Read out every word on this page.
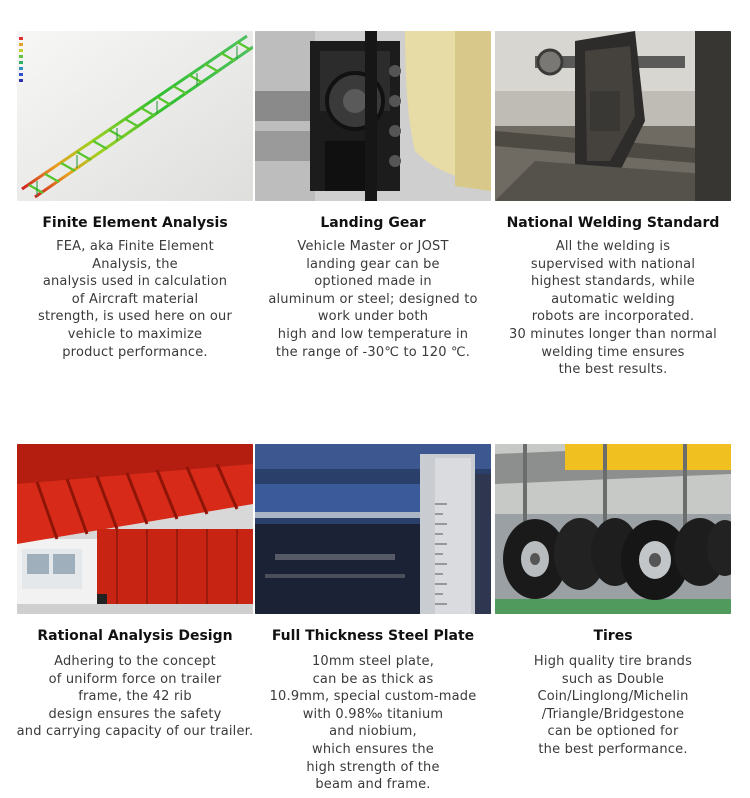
Finite Element Analysis
FEA, aka Finite Element
Analysis, the
analysis used in calculation
of Aircraft material
strength, is used here on our
vehicle to maximize
product performance.
Landing Gear
Vehicle Master or JOST
landing gear can be
optioned made in
aluminum or steel; designed to
work under both
high and low temperature in
the range of -30℃ to 120 ℃.
National Welding Standard
All the welding is
supervised with national
highest standards, while
automatic welding
robots are incorporated.
30 minutes longer than normal
welding time ensures
the best results.
Rational Analysis Design
Adhering to the concept
of uniform force on trailer
frame, the 42 rib
design ensures the safety
and carrying capacity of our trailer.
Full Thickness Steel Plate
10mm steel plate,
can be as thick as
10.9mm, special custom-made
with 0.98‰ titanium
and niobium,
which ensures the
high strength of the
beam and frame.
Tires
High quality tire brands
such as Double
Coin/Linglong/Michelin
/Triangle/Bridgestone
can be optioned for
the best performance.
